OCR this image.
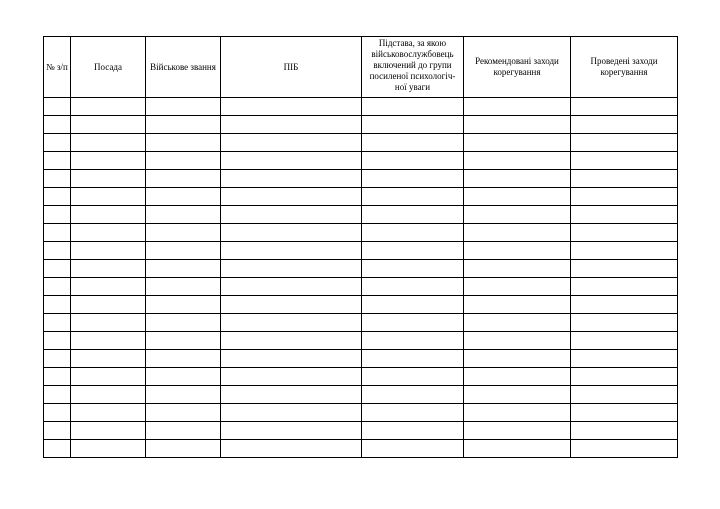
№ з/п	Посада	Військове звання	ПІБ	Підстава, за якою військовослужбовець включений до групи посиленої психологіч-ної уваги	Рекомендовані заходи корегування	Проведені заходи корегування
